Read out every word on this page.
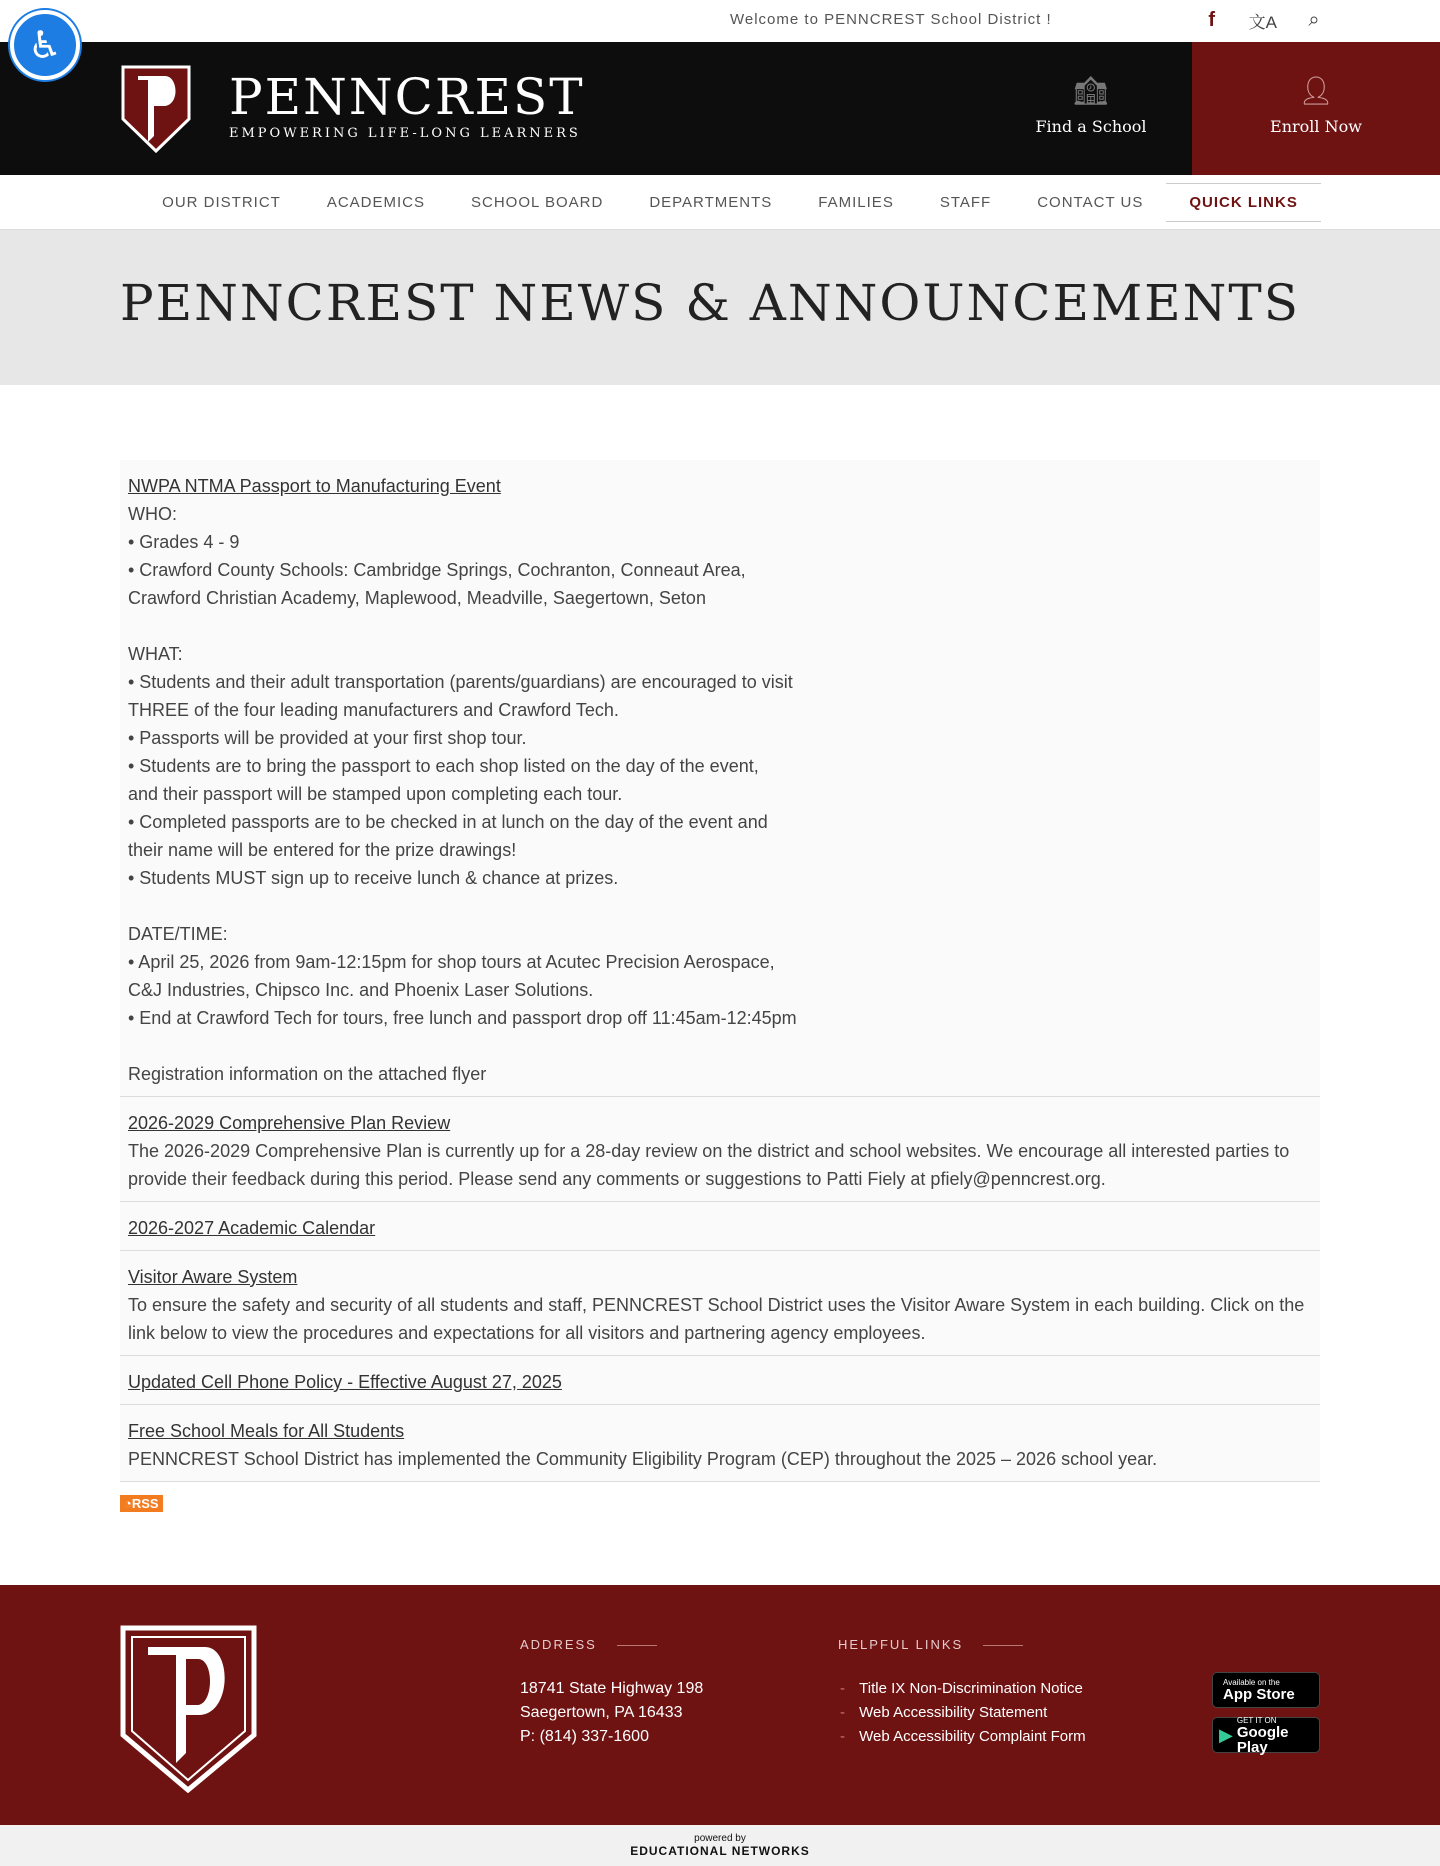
♿︎
Welcome to PENNCREST School District !	f	文A ⌕
PENNCREST
EMPOWERING LIFE-LONG LEARNERS
🏫︎
Find a School
👤︎
Enroll Now
OUR DISTRICT	ACADEMICS	SCHOOL BOARD	DEPARTMENTS	FAMILIES	STAFF	CONTACT US	QUICK LINKS
PENNCREST NEWS & ANNOUNCEMENTS
NWPA NTMA Passport to Manufacturing Event
WHO:
• Grades 4 - 9
• Crawford County Schools: Cambridge Springs, Cochranton, Conneaut Area,
Crawford Christian Academy, Maplewood, Meadville, Saegertown, Seton
WHAT:
• Students and their adult transportation (parents/guardians) are encouraged to visit
THREE of the four leading manufacturers and Crawford Tech.
• Passports will be provided at your first shop tour.
• Students are to bring the passport to each shop listed on the day of the event,
and their passport will be stamped upon completing each tour.
• Completed passports are to be checked in at lunch on the day of the event and
their name will be entered for the prize drawings!
• Students MUST sign up to receive lunch & chance at prizes.
DATE/TIME:
• April 25, 2026 from 9am-12:15pm for shop tours at Acutec Precision Aerospace,
C&J Industries, Chipsco Inc. and Phoenix Laser Solutions.
• End at Crawford Tech for tours, free lunch and passport drop off 11:45am-12:45pm
Registration information on the attached flyer
2026-2029 Comprehensive Plan Review
The 2026-2029 Comprehensive Plan is currently up for a 28-day review on the district and school websites. We encourage all interested parties to provide their feedback during this period. Please send any comments or suggestions to Patti Fiely at pfiely@penncrest.org.
2026-2027 Academic Calendar
Visitor Aware System
To ensure the safety and security of all students and staff, PENNCREST School District uses the Visitor Aware System in each building. Click on the link below to view the procedures and expectations for all visitors and partnering agency employees.
Updated Cell Phone Policy - Effective August 27, 2025
Free School Meals for All Students
PENNCREST School District has implemented the Community Eligibility Program (CEP) throughout the 2025 – 2026 school year.
◔RSS
ADDRESS
18741 State Highway 198
Saegertown, PA 16433
P: (814) 337-1600
HELPFUL LINKS
- Title IX Non-Discrimination Notice
- Web Accessibility Statement
- Web Accessibility Complaint Form
Available on the
App Store
▶
GET IT ON
Google Play
powered by
EDUCATIONAL NETWORKS
